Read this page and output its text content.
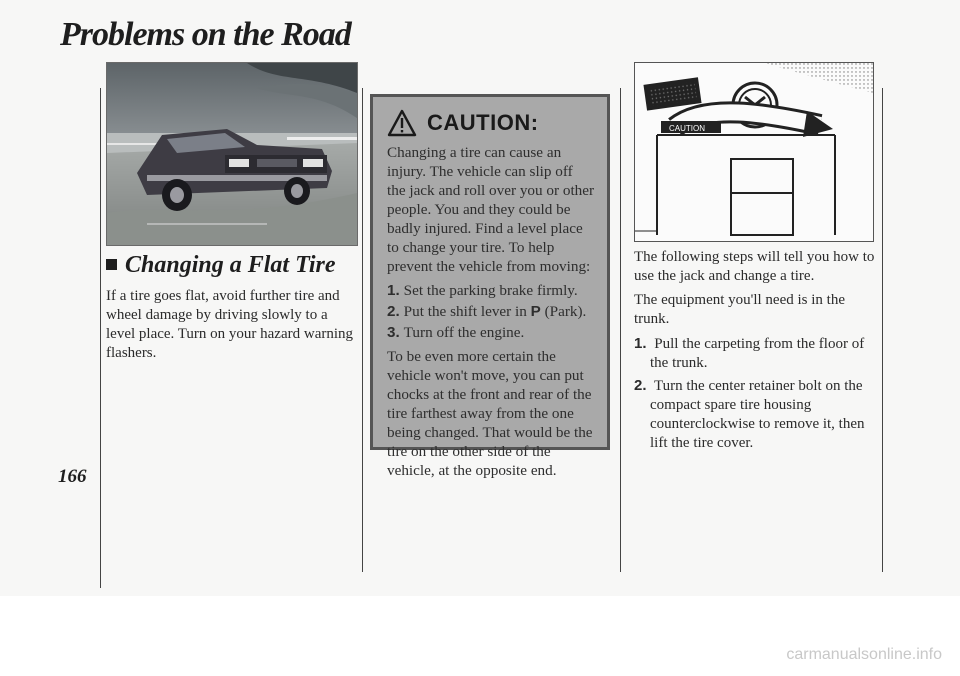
Problems on the Road
166
Changing a Flat Tire

If a tire goes flat, avoid further tire and wheel damage by driving slowly to a level place. Turn on your hazard warning flashers.

CAUTION:

Changing a tire can cause an injury. The vehicle can slip off the jack and roll over you or other people. You and they could be badly injured. Find a level place to change your tire. To help prevent the vehicle from moving:

1. Set the parking brake firmly.
2. Put the shift lever in P (Park).
3. Turn off the engine.

To be even more certain the vehicle won't move, you can put chocks at the front and rear of the tire farthest away from the one being changed. That would be the tire on the other side of the vehicle, at the opposite end.

CAUTION

The following steps will tell you how to use the jack and change a tire.

The equipment you'll need is in the trunk.

1. Pull the carpeting from the floor of the trunk.
2. Turn the center retainer bolt on the compact spare tire housing counterclockwise to remove it, then lift the tire cover.
carmanualsonline.info
